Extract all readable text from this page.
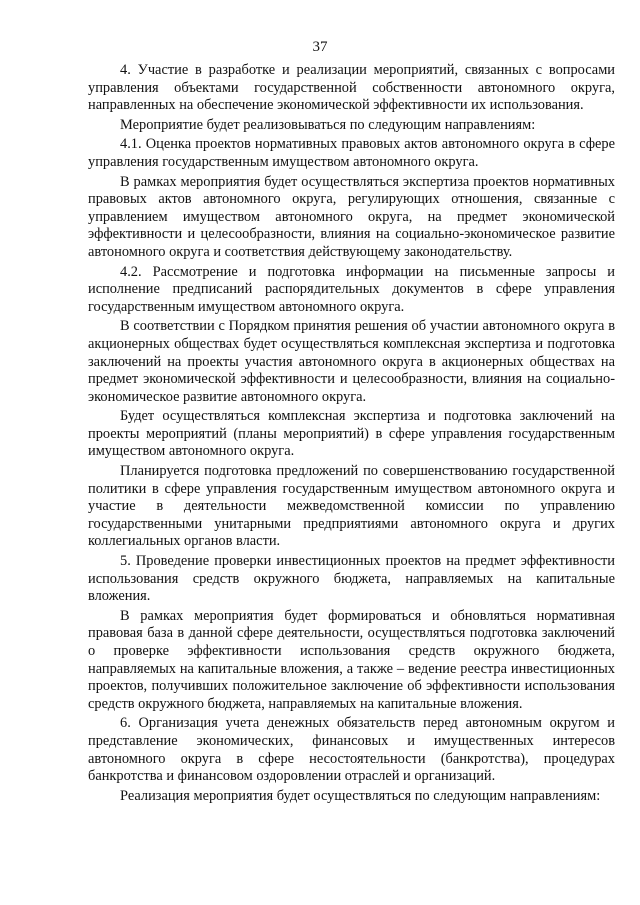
37

4. Участие в разработке и реализации мероприятий, связанных с вопросами управления объектами государственной собственности автономного округа, направленных на обеспечение экономической эффективности их использования.

Мероприятие будет реализовываться по следующим направлениям:

4.1. Оценка проектов нормативных правовых актов автономного округа в сфере управления государственным имуществом автономного округа.

В рамках мероприятия будет осуществляться экспертиза проектов нормативных правовых актов автономного округа, регулирующих отношения, связанные с управлением имуществом автономного округа, на предмет экономической эффективности и целесообразности, влияния на социально-экономическое развитие автономного округа и соответствия действующему законодательству.

4.2. Рассмотрение и подготовка информации на письменные запросы и исполнение предписаний распорядительных документов в сфере управления государственным имуществом автономного округа.

В соответствии с Порядком принятия решения об участии автономного округа в акционерных обществах будет осуществляться комплексная экспертиза и подготовка заключений на проекты участия автономного округа в акционерных обществах на предмет экономической эффективности и целесообразности, влияния на социально-экономическое развитие автономного округа.

Будет осуществляться комплексная экспертиза и подготовка заключений на проекты мероприятий (планы мероприятий) в сфере управления государственным имуществом автономного округа.

Планируется подготовка предложений по совершенствованию государственной политики в сфере управления государственным имуществом автономного округа и участие в деятельности межведомственной комиссии по управлению государственными унитарными предприятиями автономного округа и других коллегиальных органов власти.

5. Проведение проверки инвестиционных проектов на предмет эффективности использования средств окружного бюджета, направляемых на капитальные вложения.

В рамках мероприятия будет формироваться и обновляться нормативная правовая база в данной сфере деятельности, осуществляться подготовка заключений о проверке эффективности использования средств окружного бюджета, направляемых на капитальные вложения, а также – ведение реестра инвестиционных проектов, получивших положительное заключение об эффективности использования средств окружного бюджета, направляемых на капитальные вложения.

6. Организация учета денежных обязательств перед автономным округом и представление экономических, финансовых и имущественных интересов автономного округа в сфере несостоятельности (банкротства), процедурах банкротства и финансовом оздоровлении отраслей и организаций.

Реализация мероприятия будет осуществляться по следующим направлениям:
